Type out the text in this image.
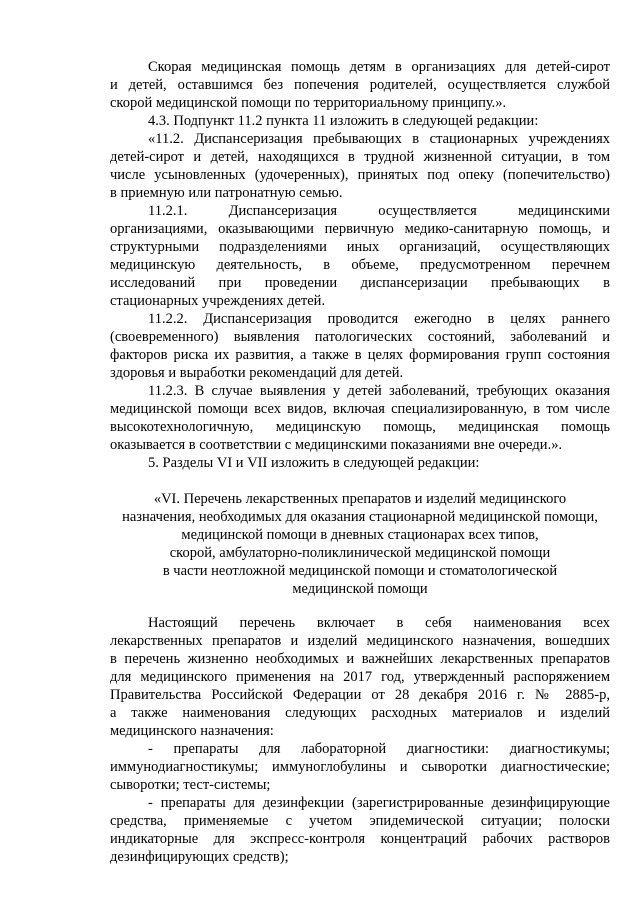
Скорая медицинская помощь детям в организациях для детей-сирот
и детей, оставшимся без попечения родителей, осуществляется службой
скорой медицинской помощи по территориальному принципу.».
4.3. Подпункт 11.2 пункта 11 изложить в следующей редакции:
«11.2. Диспансеризация пребывающих в стационарных учреждениях
детей-сирот и детей, находящихся в трудной жизненной ситуации, в том
числе усыновленных (удочеренных), принятых под опеку (попечительство)
в приемную или патронатную семью.
11.2.1. Диспансеризация осуществляется медицинскими
организациями, оказывающими первичную медико-санитарную помощь, и
структурными подразделениями иных организаций, осуществляющих
медицинскую деятельность, в объеме, предусмотренном перечнем
исследований при проведении диспансеризации пребывающих в
стационарных учреждениях детей.
11.2.2. Диспансеризация проводится ежегодно в целях раннего
(своевременного) выявления патологических состояний, заболеваний и
факторов риска их развития, а также в целях формирования групп состояния
здоровья и выработки рекомендаций для детей.
11.2.3. В случае выявления у детей заболеваний, требующих оказания
медицинской помощи всех видов, включая специализированную, в том числе
высокотехнологичную, медицинскую помощь, медицинская помощь
оказывается в соответствии с медицинскими показаниями вне очереди.».
5. Разделы VI и VII изложить в следующей редакции:
«VI. Перечень лекарственных препаратов и изделий медицинского
назначения, необходимых для оказания стационарной медицинской помощи,
медицинской помощи в дневных стационарах всех типов,
скорой, амбулаторно-поликлинической медицинской помощи
в части неотложной медицинской помощи и стоматологической
медицинской помощи
Настоящий перечень включает в себя наименования всех
лекарственных препаратов и изделий медицинского назначения, вошедших
в перечень жизненно необходимых и важнейших лекарственных препаратов
для медицинского применения на 2017 год, утвержденный распоряжением
Правительства Российской Федерации от 28 декабря 2016 г. № 2885-р,
а также наименования следующих расходных материалов и изделий
медицинского назначения:
- препараты для лабораторной диагностики: диагностикумы;
иммунодиагностикумы; иммуноглобулины и сыворотки диагностические;
сыворотки; тест-системы;
- препараты для дезинфекции (зарегистрированные дезинфицирующие
средства, применяемые с учетом эпидемической ситуации; полоски
индикаторные для экспресс-контроля концентраций рабочих растворов
дезинфицирующих средств);
